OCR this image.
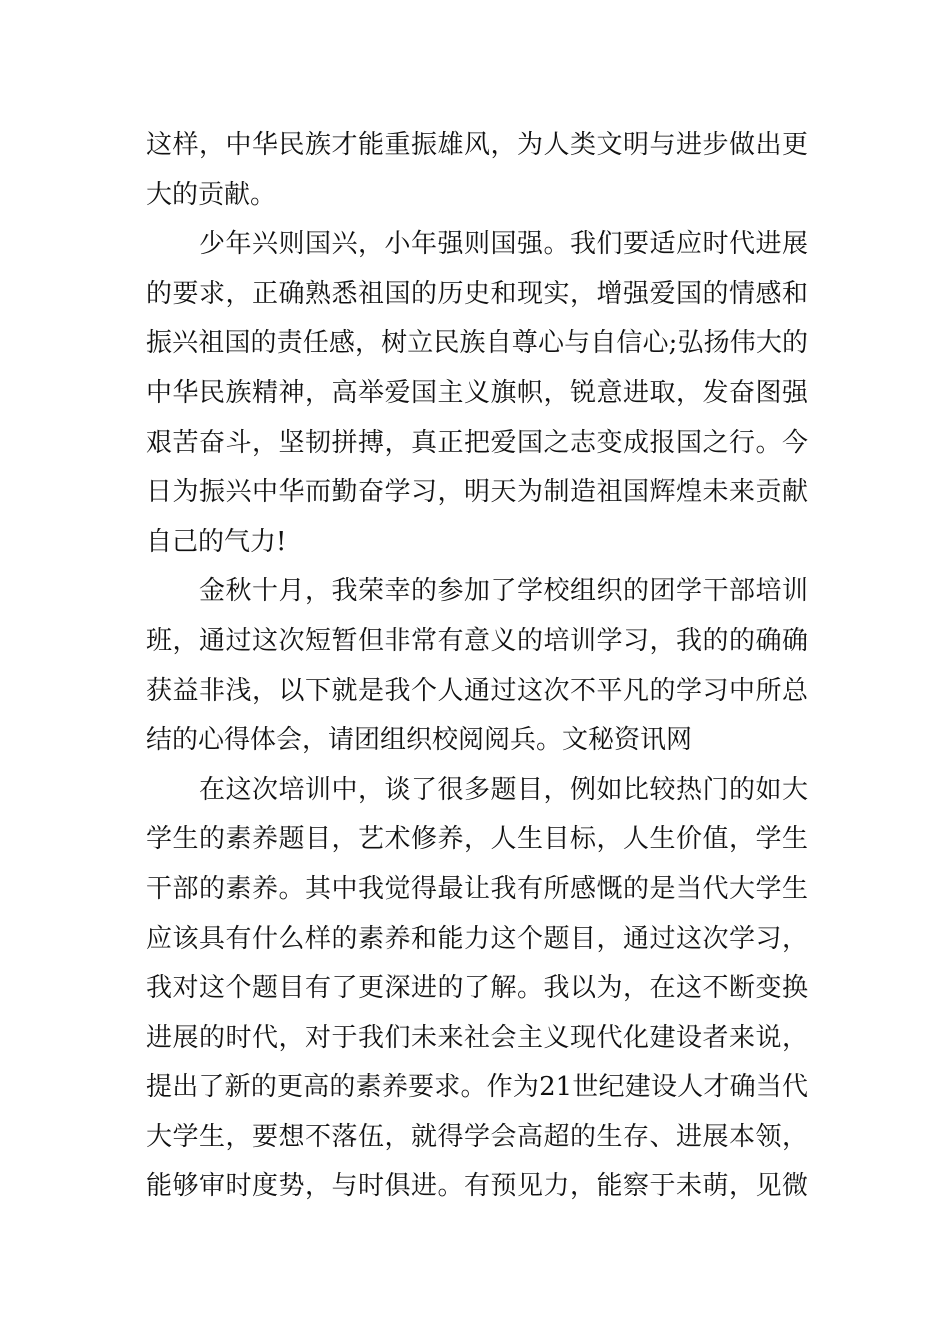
这样，中华民族才能重振雄风，为人类文明与进步做出更
大的贡献。
　　少年兴则国兴，小年强则国强。我们要适应时代进展
的要求，正确熟悉祖国的历史和现实，增强爱国的情感和
振兴祖国的责任感，树立民族自尊心与自信心;弘扬伟大的
中华民族精神，高举爱国主义旗帜，锐意进取，发奋图强
艰苦奋斗，坚韧拼搏，真正把爱国之志变成报国之行。今
日为振兴中华而勤奋学习，明天为制造祖国辉煌未来贡献
自己的气力!
　　金秋十月，我荣幸的参加了学校组织的团学干部培训
班，通过这次短暂但非常有意义的培训学习，我的的确确
获益非浅，以下就是我个人通过这次不平凡的学习中所总
结的心得体会，请团组织校阅阅兵。文秘资讯网
　　在这次培训中，谈了很多题目，例如比较热门的如大
学生的素养题目，艺术修养，人生目标，人生价值，学生
干部的素养。其中我觉得最让我有所感慨的是当代大学生
应该具有什么样的素养和能力这个题目，通过这次学习，
我对这个题目有了更深进的了解。我以为，在这不断变换
进展的时代，对于我们未来社会主义现代化建设者来说，
提出了新的更高的素养要求。作为21世纪建设人才确当代
大学生，要想不落伍，就得学会高超的生存、进展本领，
能够审时度势，与时俱进。有预见力，能察于未萌，见微
